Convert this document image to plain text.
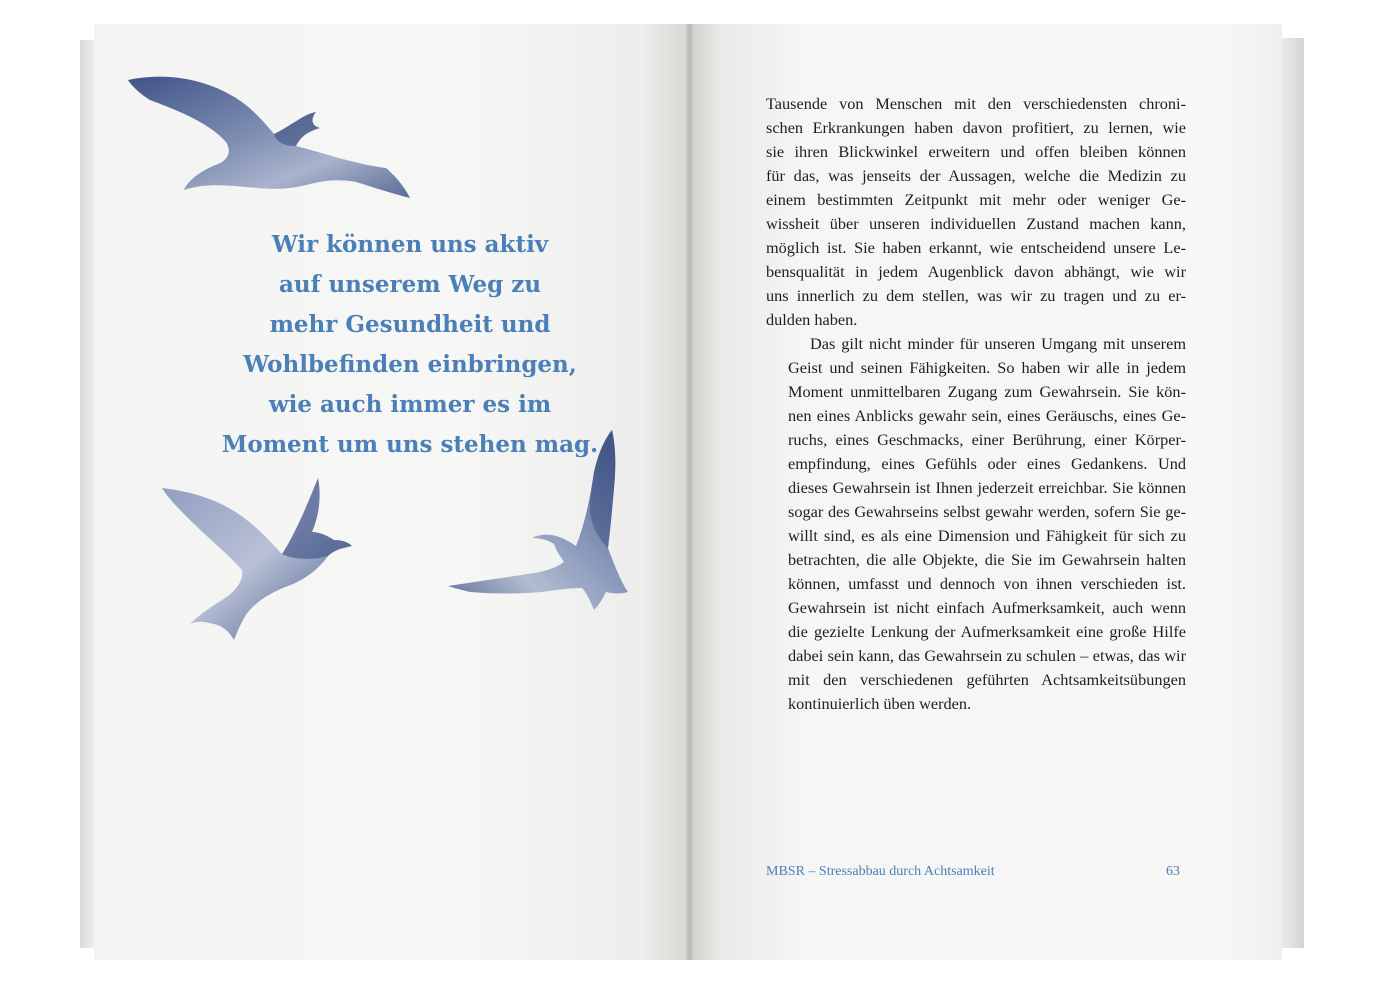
Wir können uns aktiv
auf unserem Weg zu
mehr Gesundheit und
Wohlbefinden einbringen,
wie auch immer es im
Moment um uns stehen mag.

Tausende von Menschen mit den verschiedensten chroni-
schen Erkrankungen haben davon profitiert, zu lernen, wie
sie ihren Blickwinkel erweitern und offen bleiben können
für das, was jenseits der Aussagen, welche die Medizin zu
einem bestimmten Zeitpunkt mit mehr oder weniger Ge-
wissheit über unseren individuellen Zustand machen kann,
möglich ist. Sie haben erkannt, wie entscheidend unsere Le-
bensqualität in jedem Augenblick davon abhängt, wie wir
uns innerlich zu dem stellen, was wir zu tragen und zu er-
dulden haben.

Das gilt nicht minder für unseren Umgang mit unserem
Geist und seinen Fähigkeiten. So haben wir alle in jedem
Moment unmittelbaren Zugang zum Gewahrsein. Sie kön-
nen eines Anblicks gewahr sein, eines Geräuschs, eines Ge-
ruchs, eines Geschmacks, einer Berührung, einer Körper-
empfindung, eines Gefühls oder eines Gedankens. Und
dieses Gewahrsein ist Ihnen jederzeit erreichbar. Sie können
sogar des Gewahrseins selbst gewahr werden, sofern Sie ge-
willt sind, es als eine Dimension und Fähigkeit für sich zu
betrachten, die alle Objekte, die Sie im Gewahrsein halten
können, umfasst und dennoch von ihnen verschieden ist.
Gewahrsein ist nicht einfach Aufmerksamkeit, auch wenn
die gezielte Lenkung der Aufmerksamkeit eine große Hilfe
dabei sein kann, das Gewahrsein zu schulen – etwas, das wir
mit den verschiedenen geführten Achtsamkeitsübungen
kontinuierlich üben werden.

MBSR – Stressabbau durch Achtsamkeit	63
